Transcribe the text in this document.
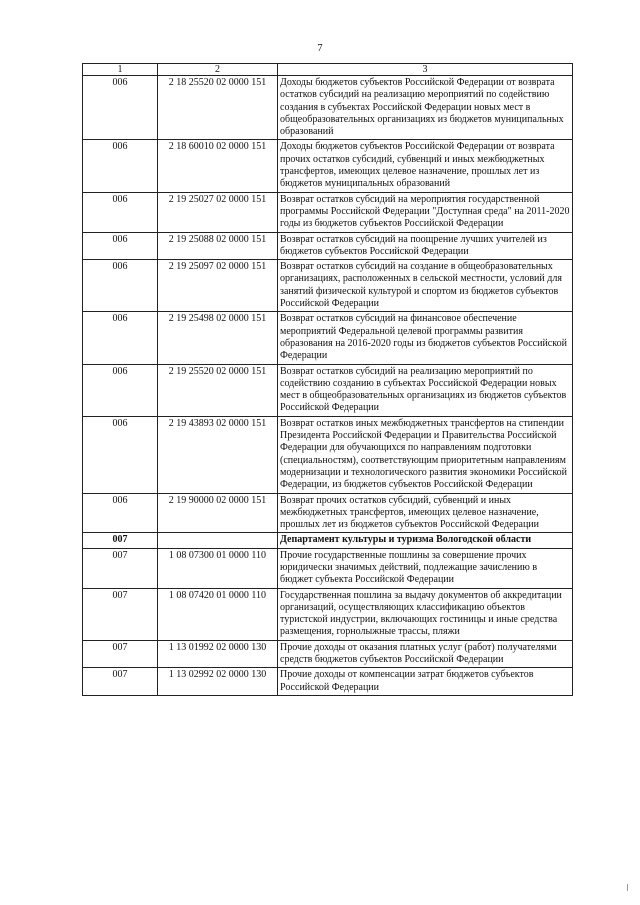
7
1	2	3
006	2 18 25520 02 0000 151	Доходы бюджетов субъектов Российской Федерации от возврата остатков субсидий на реализацию мероприятий по содействию создания в субъектах Российской Федерации новых мест в общеобразовательных организациях из бюджетов муниципальных образований
006	2 18 60010 02 0000 151	Доходы бюджетов субъектов Российской Федерации от возврата прочих остатков субсидий, субвенций и иных межбюджетных трансфертов, имеющих целевое назначение, прошлых лет из бюджетов муниципальных образований
006	2 19 25027 02 0000 151	Возврат остатков субсидий на мероприятия государственной программы Российской Федерации "Доступная среда" на 2011-2020 годы из бюджетов субъектов Российской Федерации
006	2 19 25088 02 0000 151	Возврат остатков субсидий на поощрение лучших учителей из бюджетов субъектов Российской Федерации
006	2 19 25097 02 0000 151	Возврат остатков субсидий на создание в общеобразовательных организациях, расположенных в сельской местности, условий для занятий физической культурой и спортом из бюджетов субъектов Российской Федерации
006	2 19 25498 02 0000 151	Возврат остатков субсидий на финансовое обеспечение мероприятий Федеральной целевой программы развития образования на 2016-2020 годы из бюджетов субъектов Российской Федерации
006	2 19 25520 02 0000 151	Возврат остатков субсидий на реализацию мероприятий по содействию созданию в субъектах Российской Федерации новых мест в общеобразовательных организациях из бюджетов субъектов Российской Федерации
006	2 19 43893 02 0000 151	Возврат остатков иных межбюджетных трансфертов на стипендии Президента Российской Федерации и Правительства Российской Федерации для обучающихся по направлениям подготовки (специальностям), соответствующим приоритетным направлениям модернизации и технологического развития экономики Российской Федерации, из бюджетов субъектов Российской Федерации
006	2 19 90000 02 0000 151	Возврат прочих остатков субсидий, субвенций и иных межбюджетных трансфертов, имеющих целевое назначение, прошлых лет из бюджетов субъектов Российской Федерации
007		Департамент культуры и туризма Вологодской области
007	1 08 07300 01 0000 110	Прочие государственные пошлины за совершение прочих юридически значимых действий, подлежащие зачислению в бюджет субъекта Российской Федерации
007	1 08 07420 01 0000 110	Государственная пошлина за выдачу документов об аккредитации организаций, осуществляющих классификацию объектов туристской индустрии, включающих гостиницы и иные средства размещения, горнолыжные трассы, пляжи
007	1 13 01992 02 0000 130	Прочие доходы от оказания платных услуг (работ) получателями средств бюджетов субъектов Российской Федерации
007	1 13 02992 02 0000 130	Прочие доходы от компенсации затрат бюджетов субъектов Российской Федерации
